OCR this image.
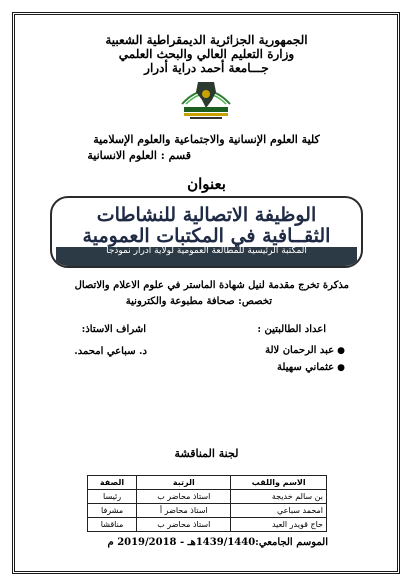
الجمهورية الجزائرية الديمقراطية الشعبية
وزارة التعليم العالي والبحث العلمي
جـــامعة أحمد دراية أدرار
كلية العلوم الإنسانية والاجتماعية والعلوم الإسلامية
قسم : العلوم الانسانية
بعنوان
الوظيفة الاتصالية للنشاطات
الثقــافية في المكتبات العمومية
المكتبة الرئيسية للمطالعة العمومية لولاية أدرار نموذجاً
مذكرة تخرج مقدمة لنيل شهادة الماستر في علوم الاعلام والاتصال
تخصص: صحافة مطبوعة والكترونية
اعداد الطالبتين :
●عبد الرحمان لالة
●عثماني سهيلة
اشراف الاستاذ:
د. سباعي امحمد.
لجنة المناقشة
الاسم واللقب	الرتبة	الصفة
بن سالم خديجة	استاذ محاضر ب	رئيسا
امحمد سباعي	استاذ محاضر أ	مشرفا
حاج قويدر العيد	استاذ محاضر ب	مناقشا
الموسم الجامعي:1439/1440هـ - 2019/2018 م
